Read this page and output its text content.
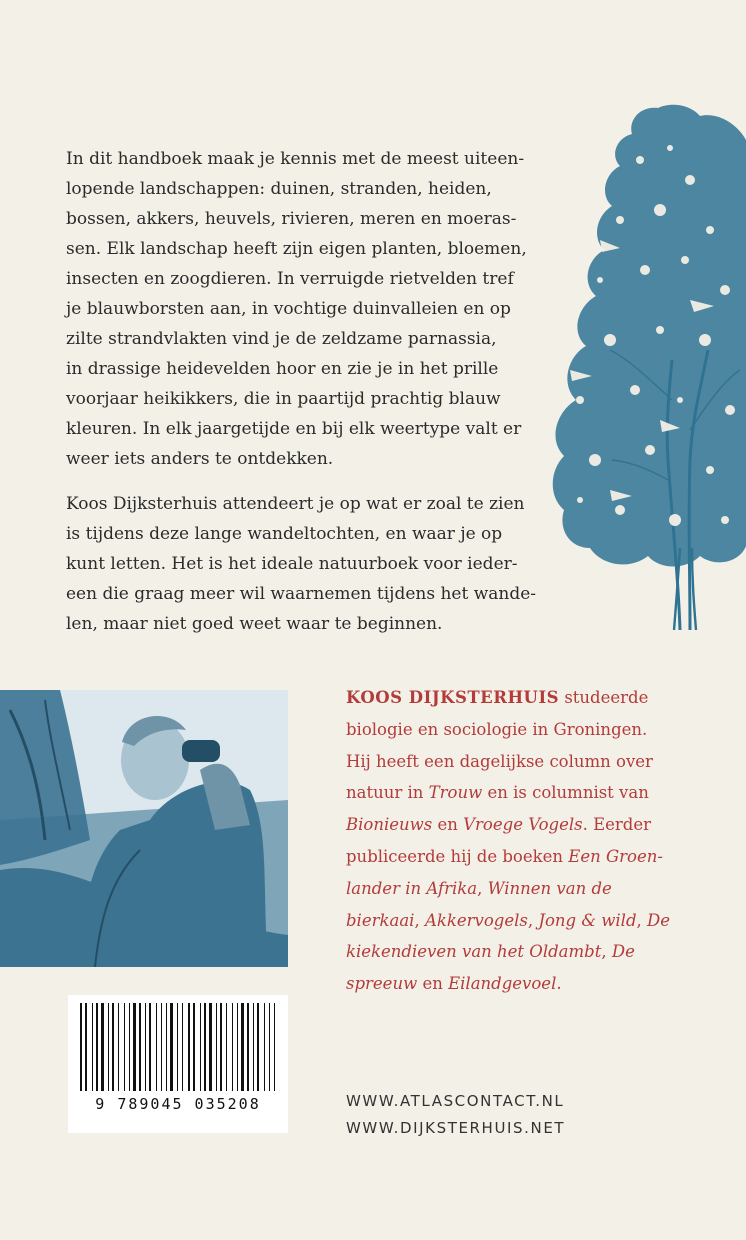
In dit handboek maak je kennis met de meest uiteen-
lopende landschappen: duinen, stranden, heiden,
bossen, akkers, heuvels, rivieren, meren en moeras-
sen. Elk landschap heeft zijn eigen planten, bloemen,
insecten en zoogdieren. In verruigde rietvelden tref
je blauwborsten aan, in vochtige duinvalleien en op
zilte strandvlakten vind je de zeldzame parnassia,
in drassige heidevelden hoor en zie je in het prille
voorjaar heikikkers, die in paartijd prachtig blauw
kleuren. In elk jaargetijde en bij elk weertype valt er
weer iets anders te ontdekken.

Koos Dijksterhuis attendeert je op wat er zoal te zien
is tijdens deze lange wandeltochten, en waar je op
kunt letten. Het is het ideale natuurboek voor ieder-
een die graag meer wil waarnemen tijdens het wande-
len, maar niet goed weet waar te beginnen.

KOOS DIJKSTERHUIS studeerde biologie en sociologie in Groningen. Hij heeft een dagelijkse column over natuur in Trouw en is columnist van Bionieuws en Vroege Vogels. Eerder publiceerde hij de boeken Een Groen- lander in Afrika, Winnen van de bierkaai, Akkervogels, Jong & wild, De kiekendieven van het Oldambt, De spreeuw en Eilandgevoel.
9 789045 035208	WWW.ATLASCONTACT.NL
WWW.DIJKSTERHUIS.NET
